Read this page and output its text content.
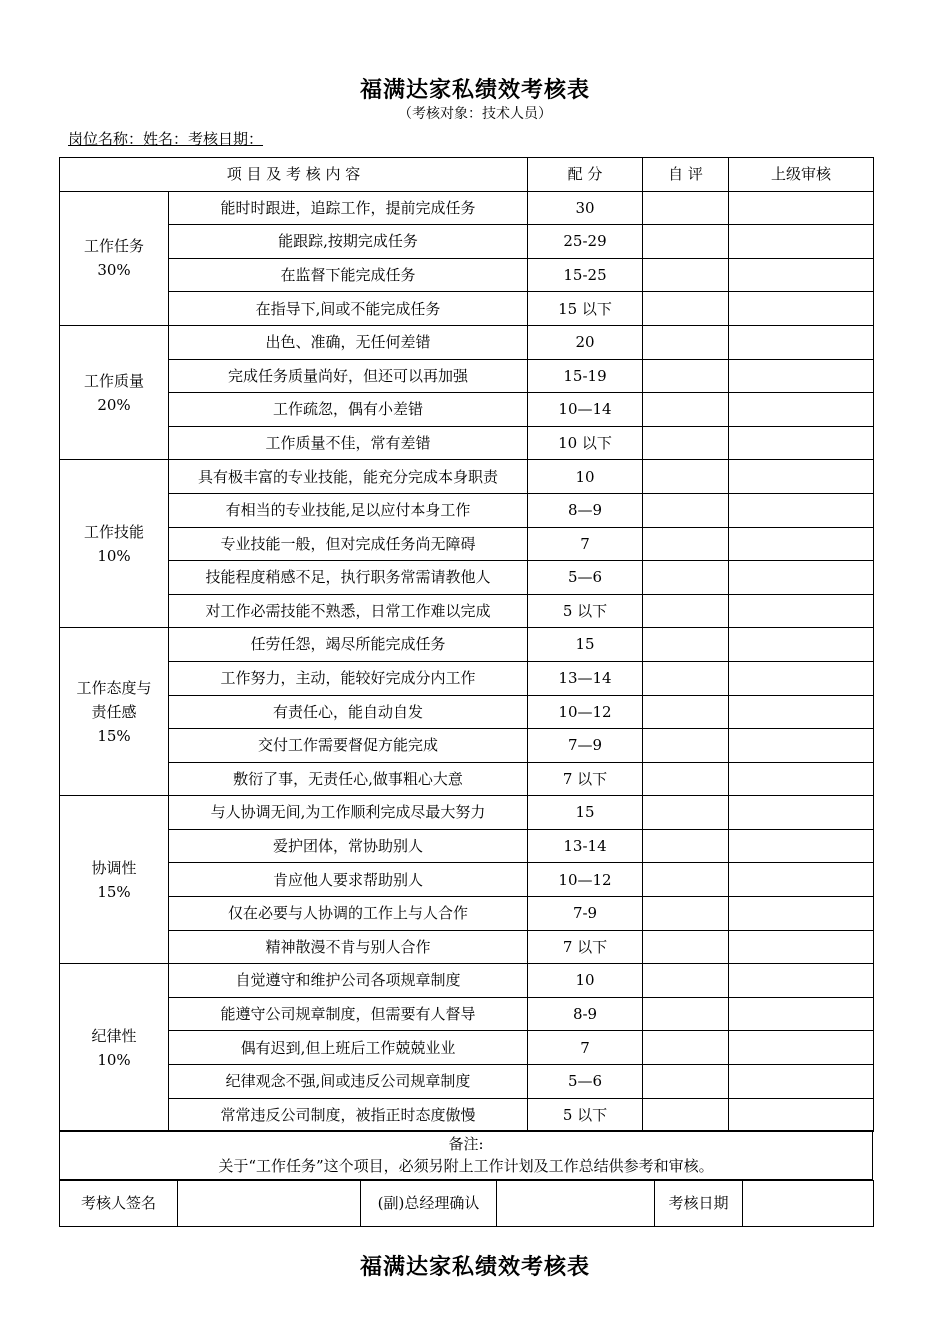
福满达家私绩效考核表
（考核对象：技术人员）
岗位名称：姓名：考核日期：
项 目 及 考 核 内 容		配 分	自 评	上级审核

工作任务
30%	能时时跟进，追踪工作，提前完成任务	30		
	能跟踪,按期完成任务	25-29		
	在监督下能完成任务	15-25		
	在指导下,间或不能完成任务	15 以下		

工作质量
20%	出色、准确，无任何差错	20		
	完成任务质量尚好，但还可以再加强	15-19		
	工作疏忽，偶有小差错	10—14		
	工作质量不佳，常有差错	10 以下		

工作技能
10%	具有极丰富的专业技能，能充分完成本身职责	10		
	有相当的专业技能,足以应付本身工作	8—9		
	专业技能一般，但对完成任务尚无障碍	7		
	技能程度稍感不足，执行职务常需请教他人	5—6		
	对工作必需技能不熟悉，日常工作难以完成	5 以下		

工作态度与
责任感
15%	任劳任怨，竭尽所能完成任务	15		
	工作努力，主动，能较好完成分内工作	13—14		
	有责任心，能自动自发	10—12		
	交付工作需要督促方能完成	7—9		
	敷衍了事，无责任心,做事粗心大意	7 以下		

协调性
15%	与人协调无间,为工作顺利完成尽最大努力	15		
	爱护团体，常协助别人	13-14		
	肯应他人要求帮助别人	10—12		
	仅在必要与人协调的工作上与人合作	7-9		
	精神散漫不肯与别人合作	7 以下		

纪律性
10%	自觉遵守和维护公司各项规章制度	10		
	能遵守公司规章制度，但需要有人督导	8-9		
	偶有迟到,但上班后工作兢兢业业	7		
	纪律观念不强,间或违反公司规章制度	5—6		
	常常违反公司制度，被指正时态度傲慢	5 以下		
备注:
关于“工作任务”这个项目，必须另附上工作计划及工作总结供参考和审核。
考核人签名		(副)总经理确认		考核日期	
福满达家私绩效考核表
